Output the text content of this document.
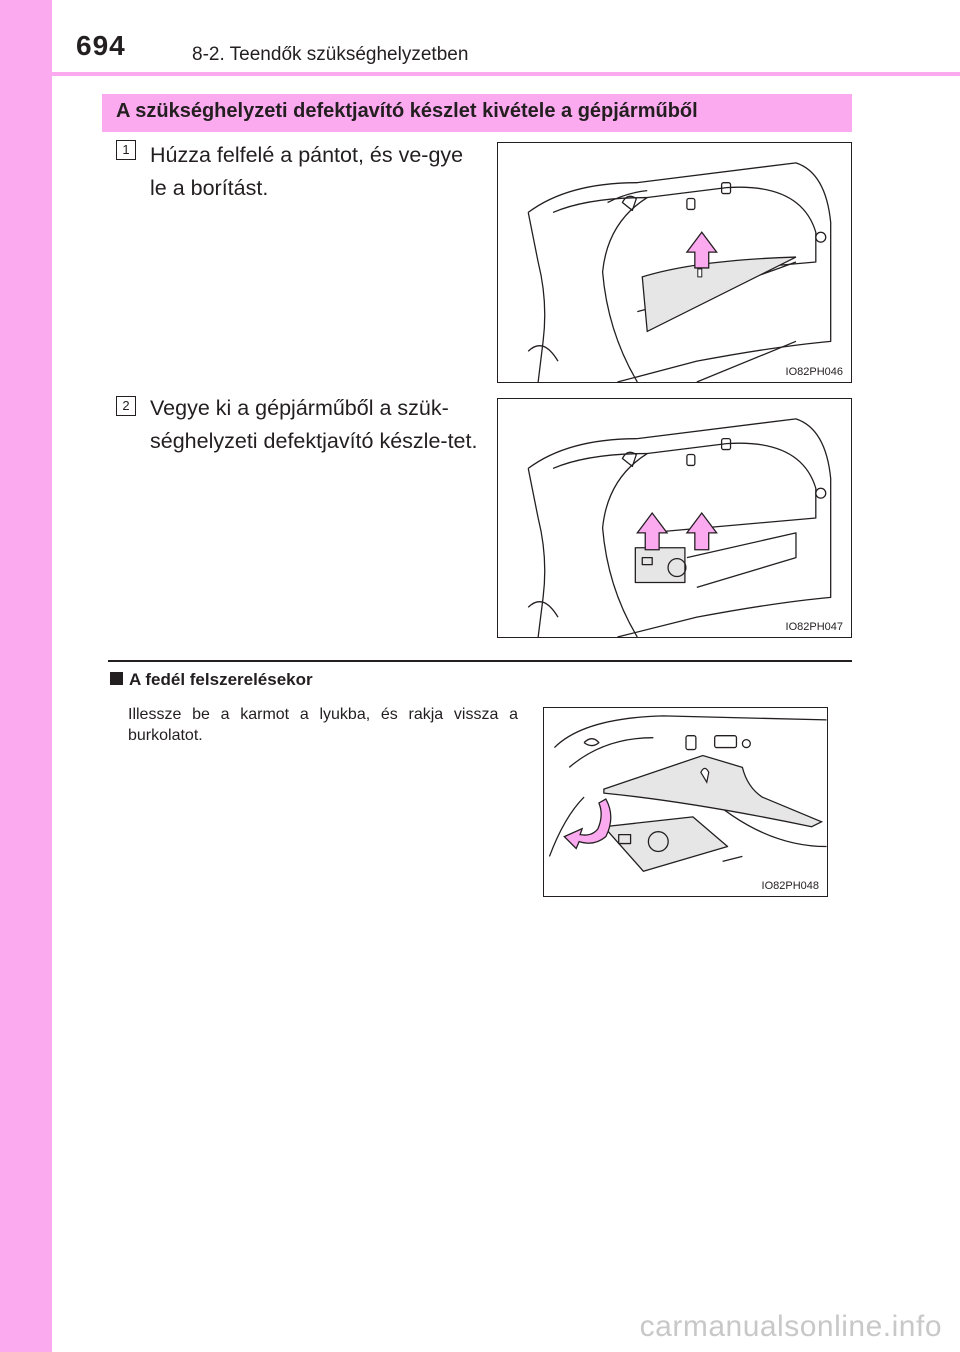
694	8-2. Teendők szükséghelyzetben
A szükséghelyzeti defektjavító készlet kivétele a gépjárműből
1 Húzza felfelé a pántot, és ve-gye le a borítást.
IO82PH046
2 Vegye ki a gépjárműből a szük-séghelyzeti defektjavító készle-tet.
IO82PH047
A fedél felszerelésekor
Illessze be a karmot a lyukba, és rakja vissza a burkolatot.
IO82PH048
carmanualsonline.info
